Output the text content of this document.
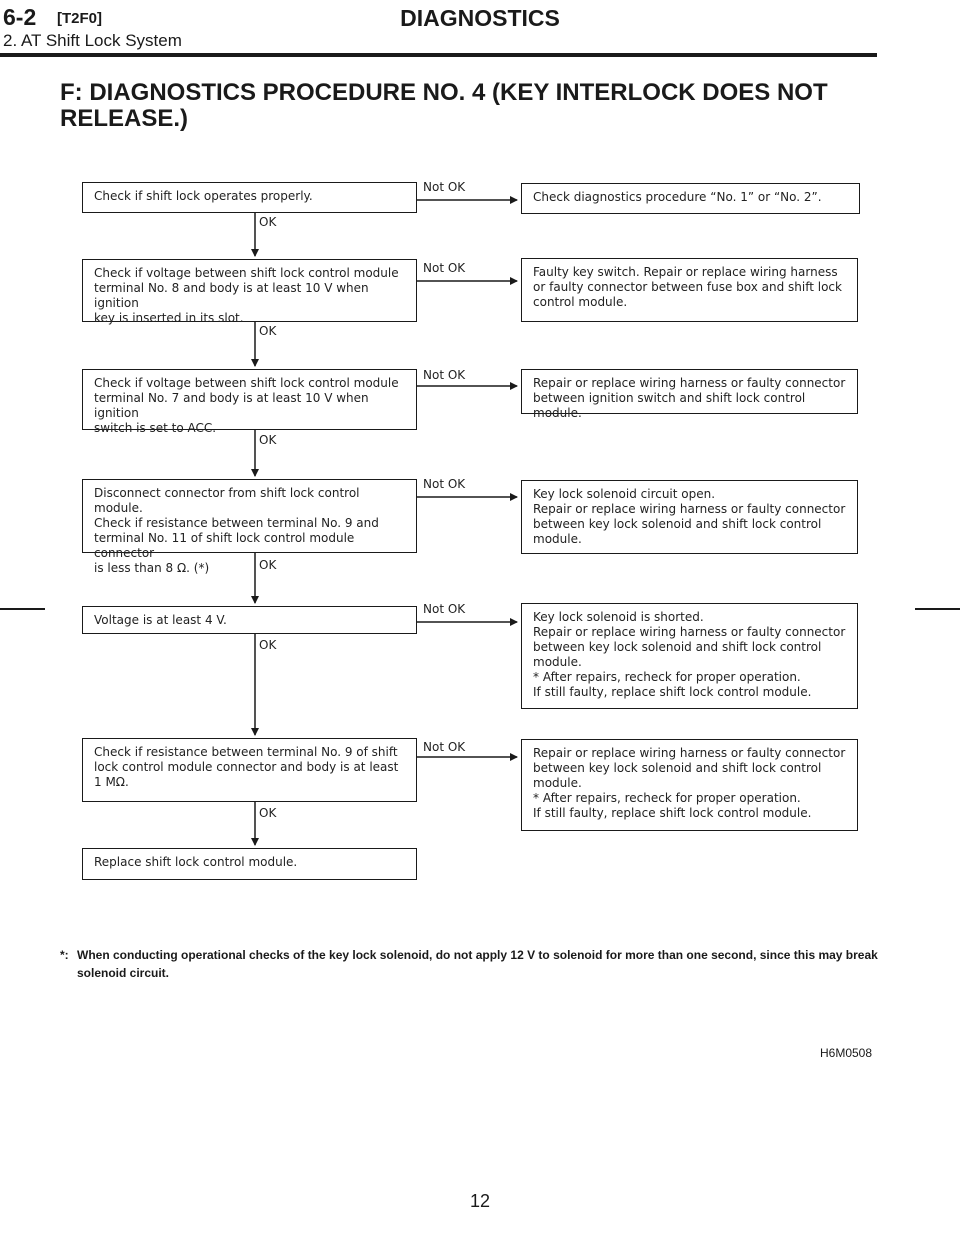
6-2 [T2F0]	DIAGNOSTICS
2. AT Shift Lock System
F: DIAGNOSTICS PROCEDURE NO. 4 (KEY INTERLOCK DOES NOT RELEASE.)
Check if shift lock operates properly.
Check if voltage between shift lock control module
terminal No. 8 and body is at least 10 V when ignition
key is inserted in its slot.
Check if voltage between shift lock control module
terminal No. 7 and body is at least 10 V when ignition
switch is set to ACC.
Disconnect connector from shift lock control module.
Check if resistance between terminal No. 9 and
terminal No. 11 of shift lock control module connector
is less than 8 Ω. (*)
Voltage is at least 4 V.
Check if resistance between terminal No. 9 of shift
lock control module connector and body is at least
1 MΩ.
Replace shift lock control module.
Check diagnostics procedure “No. 1” or “No. 2”.
Faulty key switch. Repair or replace wiring harness
or faulty connector between fuse box and shift lock
control module.
Repair or replace wiring harness or faulty connector
between ignition switch and shift lock control module.
Key lock solenoid circuit open.
Repair or replace wiring harness or faulty connector
between key lock solenoid and shift lock control
module.
Key lock solenoid is shorted.
Repair or replace wiring harness or faulty connector
between key lock solenoid and shift lock control
module.
* After repairs, recheck for proper operation.
If still faulty, replace shift lock control module.
Repair or replace wiring harness or faulty connector
between key lock solenoid and shift lock control
module.
* After repairs, recheck for proper operation.
If still faulty, replace shift lock control module.
OK
OK
OK
OK
OK
OK
Not OK
Not OK
Not OK
Not OK
Not OK
Not OK
*: When conducting operational checks of the key lock solenoid, do not apply 12 V to solenoid for more than one second, since this may break solenoid circuit.
H6M0508
12
